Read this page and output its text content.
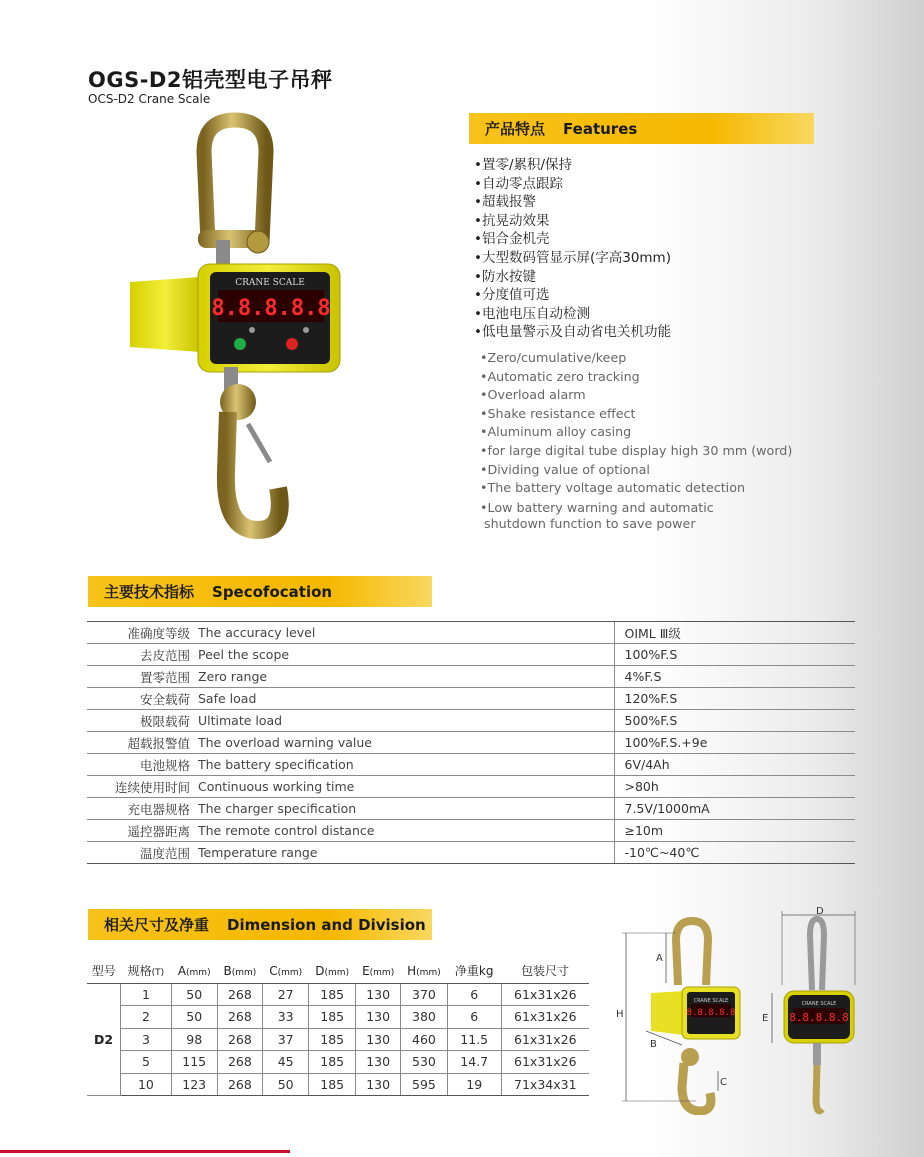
OGS-D2铝壳型电子吊秤
OCS-D2 Crane Scale
CRANE SCALE
8.8.8.8.8
产品特点 Features
•置零/累积/保持
•自动零点跟踪
•超载报警
•抗晃动效果
•铝合金机壳
•大型数码管显示屏(字高30mm)
•防水按键
•分度值可选
•电池电压自动检测
•低电量警示及自动省电关机功能
•Zero/cumulative/keep
•Automatic zero tracking
•Overload alarm
•Shake resistance effect
•Aluminum alloy casing
•for large digital tube display high 30 mm (word)
•Dividing value of optional
•The battery voltage automatic detection
•Low battery warning and automatic
shutdown function to save power
主要技术指标 Specofocation
准确度等级	The accuracy level	OIML Ⅲ级
去皮范围	Peel the scope	100%F.S
置零范围	Zero range	4%F.S
安全载荷	Safe load	120%F.S
极限载荷	Ultimate load	500%F.S
超载报警值	The overload warning value	100%F.S.+9e
电池规格	The battery specification	6V/4Ah
连续使用时间	Continuous working time	>80h
充电器规格	The charger specification	7.5V/1000mA
遥控器距离	The remote control distance	≥10m
温度范围	Temperature range	-10℃~40℃
相关尺寸及净重 Dimension and Division
型号	规格(T)	A(mm)	B(mm)	C(mm)	D(mm)	E(mm)	H(mm)	净重kg	包装尺寸
D2	1	50	268	27	185	130	370	6	61x31x26
	2	50	268	33	185	130	380	6	61x31x26
	3	98	268	37	185	130	460	11.5	61x31x26
	5	115	268	45	185	130	530	14.7	61x31x26
	10	123	268	50	185	130	595	19	71x34x31
CRANE SCALE
8.8.8.8.8
H
A
B
C
D
CRANE SCALE
8.8.8.8.8
E
